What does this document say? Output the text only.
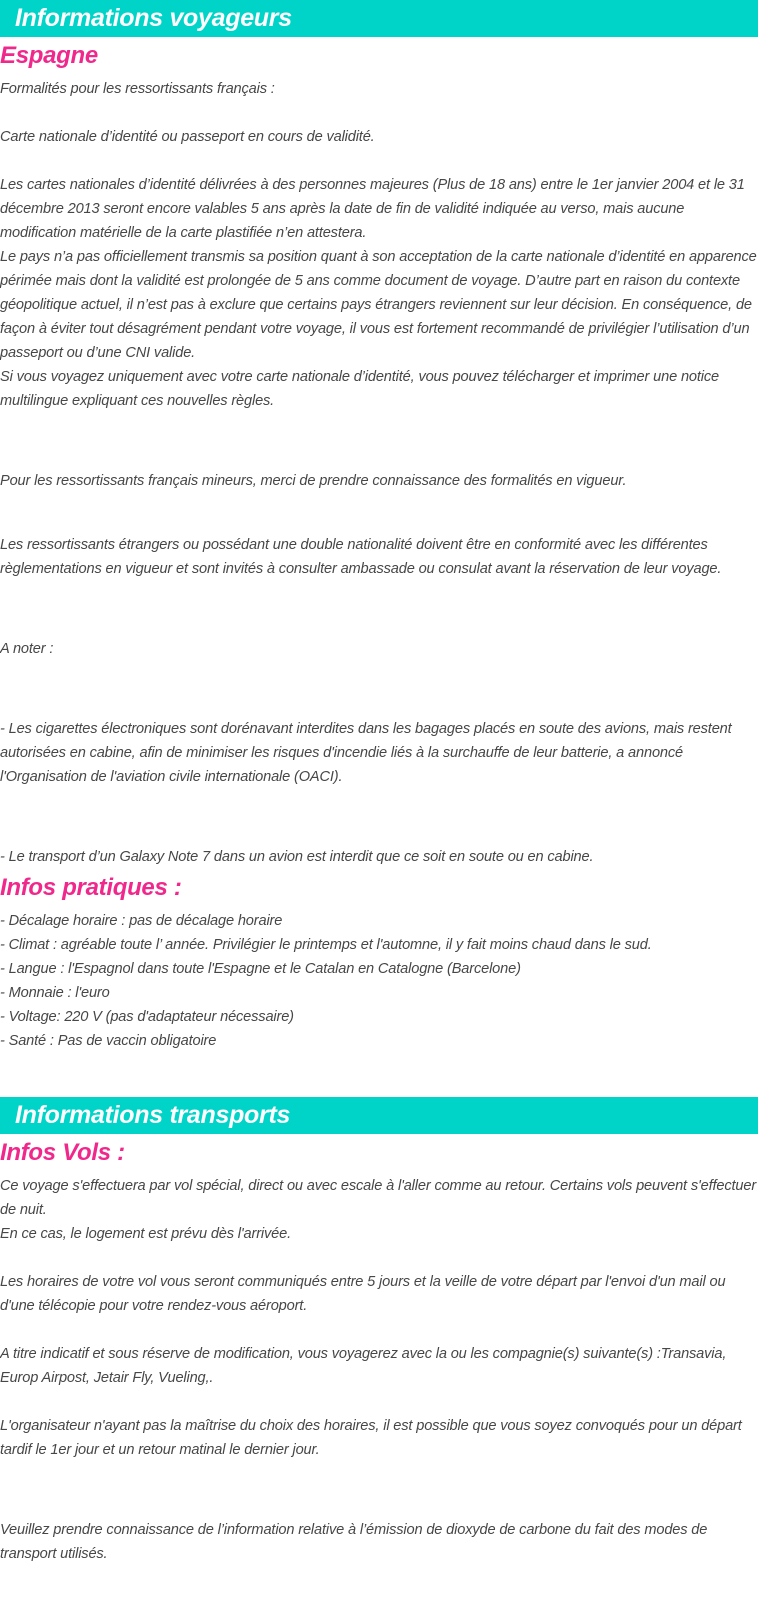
Informations voyageurs
Espagne

Formalités pour les ressortissants français :

Carte nationale d’identité ou passeport en cours de validité.

Les cartes nationales d’identité délivrées à des personnes majeures (Plus de 18 ans) entre le 1er janvier 2004 et le 31 décembre 2013 seront encore valables 5 ans après la date de fin de validité indiquée au verso, mais aucune modification matérielle de la carte plastifiée n’en attestera.

Le pays n’a pas officiellement transmis sa position quant à son acceptation de la carte nationale d’identité en apparence périmée mais dont la validité est prolongée de 5 ans comme document de voyage. D’autre part en raison du contexte géopolitique actuel, il n’est pas à exclure que certains pays étrangers reviennent sur leur décision. En conséquence, de façon à éviter tout désagrément pendant votre voyage, il vous est fortement recommandé de privilégier l’utilisation d’un passeport ou d’une CNI valide.

Si vous voyagez uniquement avec votre carte nationale d’identité, vous pouvez télécharger et imprimer une notice multilingue expliquant ces nouvelles règles.

Pour les ressortissants français mineurs, merci de prendre connaissance des formalités en vigueur.

Les ressortissants étrangers ou possédant une double nationalité doivent être en conformité avec les différentes règlementations en vigueur et sont invités à consulter ambassade ou consulat avant la réservation de leur voyage.

A noter :

- Les cigarettes électroniques sont dorénavant interdites dans les bagages placés en soute des avions, mais restent autorisées en cabine, afin de minimiser les risques d'incendie liés à la surchauffe de leur batterie, a annoncé l'Organisation de l'aviation civile internationale (OACI).

- Le transport d’un Galaxy Note 7 dans un avion est interdit que ce soit en soute ou en cabine.

Infos pratiques :

- Décalage horaire : pas de décalage horaire

- Climat : agréable toute l’ année. Privilégier le printemps et l'automne, il y fait moins chaud dans le sud.

- Langue : l'Espagnol dans toute l'Espagne et le Catalan en Catalogne (Barcelone)

- Monnaie : l'euro

- Voltage: 220 V (pas d'adaptateur nécessaire)

- Santé : Pas de vaccin obligatoire

Informations transports
Infos Vols :

Ce voyage s'effectuera par vol spécial, direct ou avec escale à l'aller comme au retour. Certains vols peuvent s'effectuer de nuit.

En ce cas, le logement est prévu dès l'arrivée.

Les horaires de votre vol vous seront communiqués entre 5 jours et la veille de votre départ par l'envoi d'un mail ou d'une télécopie pour votre rendez-vous aéroport.

A titre indicatif et sous réserve de modification, vous voyagerez avec la ou les compagnie(s) suivante(s) :Transavia, Europ Airpost, Jetair Fly, Vueling,.

L'organisateur n'ayant pas la maîtrise du choix des horaires, il est possible que vous soyez convoqués pour un départ tardif le 1er jour et un retour matinal le dernier jour.

Veuillez prendre connaissance de l’information relative à l’émission de dioxyde de carbone du fait des modes de transport utilisés.
